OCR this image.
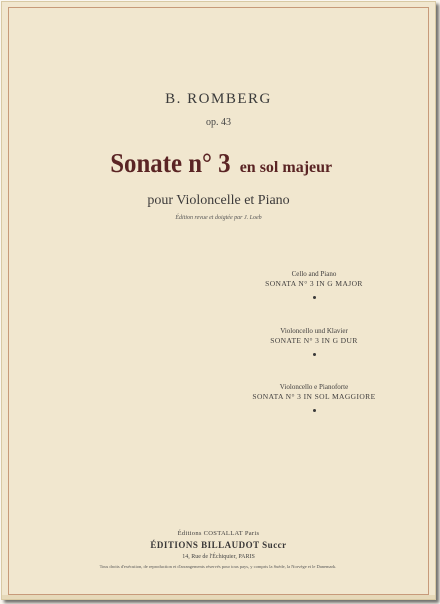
B. ROMBERG
op. 43
Sonate n° 3 en sol majeur
pour Violoncelle et Piano
Édition revue et doigtée par J. Loeb
Cello and Piano
SONATA N° 3 IN G MAJOR
Violoncello und Klavier
SONATE N° 3 IN G DUR
Violoncello e Pianoforte
SONATA N° 3 IN SOL MAGGIORE
Éditions COSTALLAT Paris
ÉDITIONS BILLAUDOT Succr
14, Rue de l'Échiquier, PARIS
Tous droits d'exécution, de reproduction et d'arrangements réservés pour tous pays, y compris la Suède, la Norvège et le Danemark.
